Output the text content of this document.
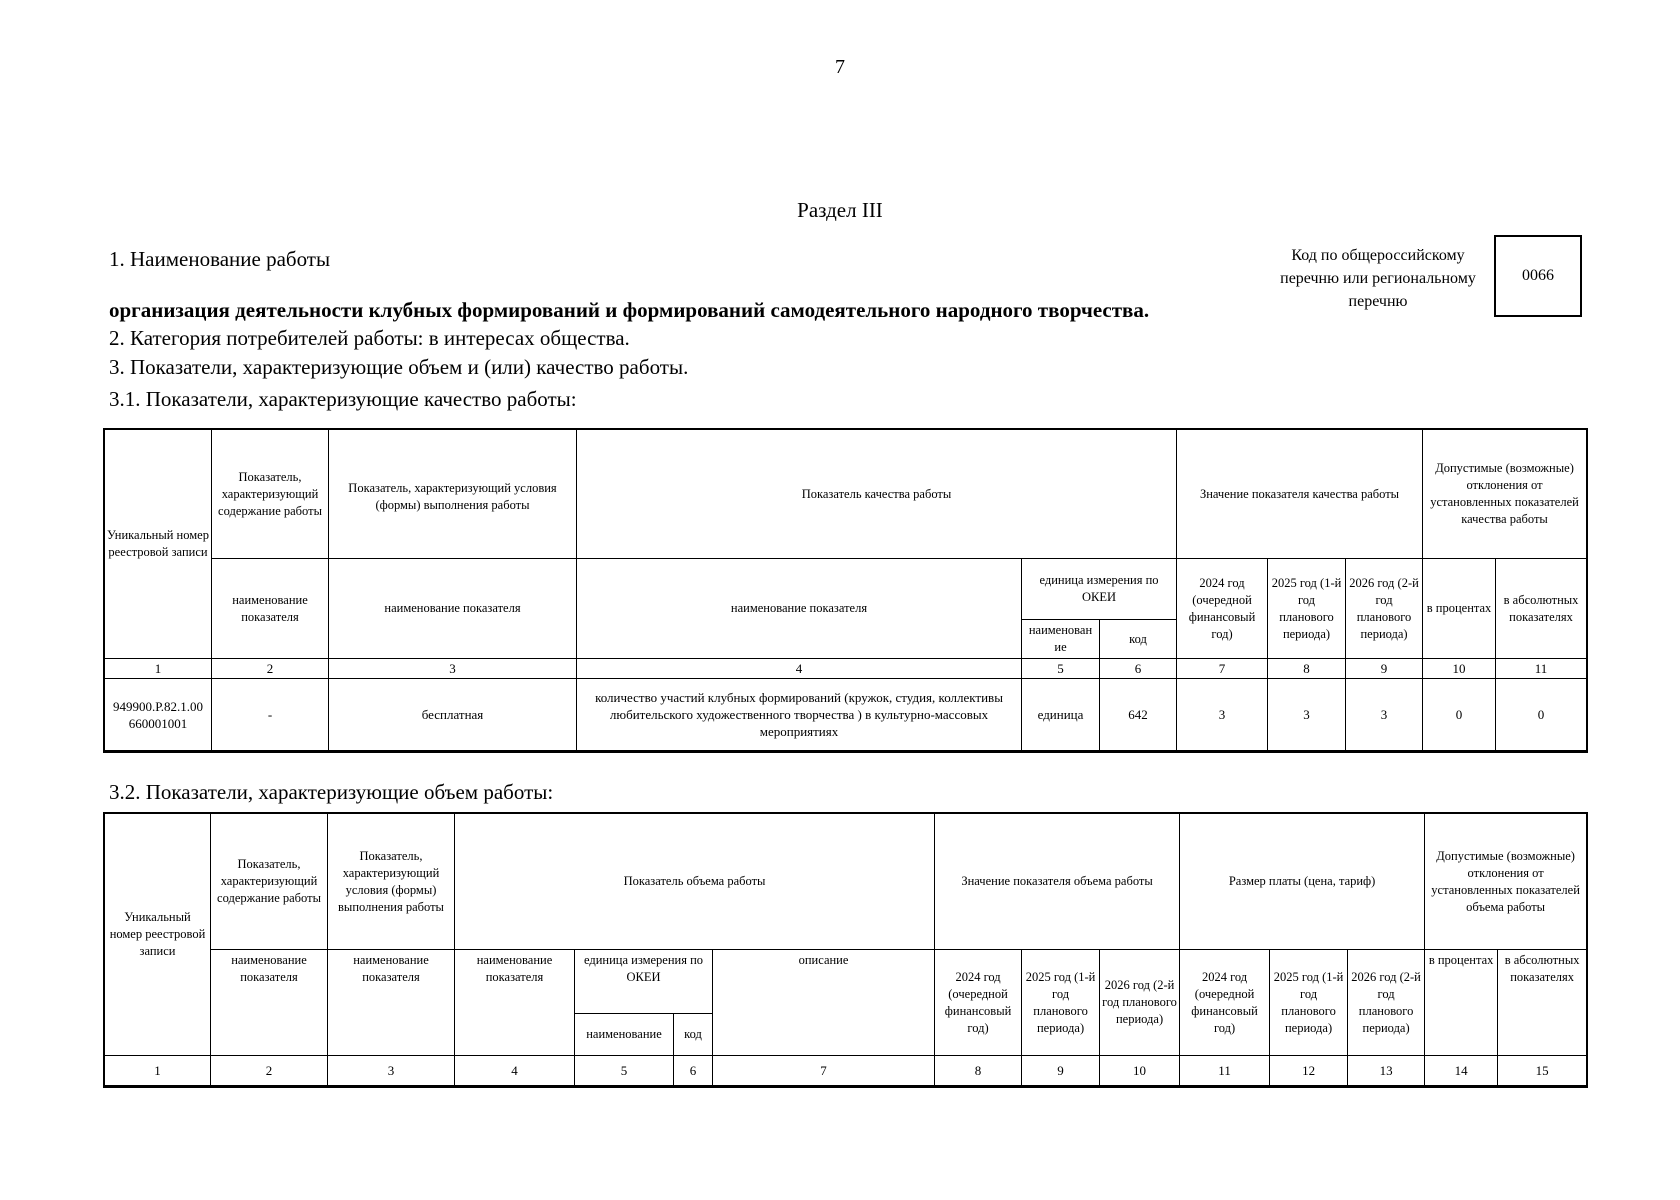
7
Раздел III
1. Наименование работы
организация деятельности клубных формирований и формирований самодеятельного народного творчества.
2. Категория потребителей работы: в интересах общества.
3. Показатели, характеризующие объем и (или) качество работы.
3.1. Показатели, характеризующие качество работы:
Код по общероссийскому
перечню или региональному
перечню
0066
Уникальный номер реестровой записи	Показатель, характеризующий содержание работы	Показатель, характеризующий условия (формы) выполнения работы	Показатель качества работы			Значение показателя качества работы			Допустимые (возможные) отклонения от установленных показателей качества работы	
	наименование показателя	наименование показателя	наименование показателя	единица измерения по ОКЕИ		2024 год (очередной финансовый год)	2025 год (1-й год планового периода)	2026 год (2-й год планового периода)	в процентах	в абсолютных показателях
				наименован ие	код					
1	2	3	4	5	6	7	8	9	10	11
949900.Р.82.1.00 660001001	-	бесплатная	количество участий клубных формирований (кружок, студия, коллективы любительского художественного творчества ) в культурно-массовых мероприятиях	единица	642	3	3	3	0	0
3.2. Показатели, характеризующие объем работы:
Уникальный номер реестровой записи	Показатель, характеризующий содержание работы	Показатель, характеризующий условия (формы) выполнения работы	Показатель объема работы				Значение показателя объема работы			Размер платы (цена, тариф)			Допустимые (возможные) отклонения от установленных показателей объема работы	
	наименование показателя	наименование показателя	наименование показателя	единица измерения по ОКЕИ		описание	2024 год (очередной финансовый год)	2025 год (1-й год планового периода)	2026 год (2-й год планового периода)	2024 год (очередной финансовый год)	2025 год (1-й год планового периода)	2026 год (2-й год планового периода)	в процентах	в абсолютных показателях
				наименование	код									
1	2	3	4	5	6	7	8	9	10	11	12	13	14	15
